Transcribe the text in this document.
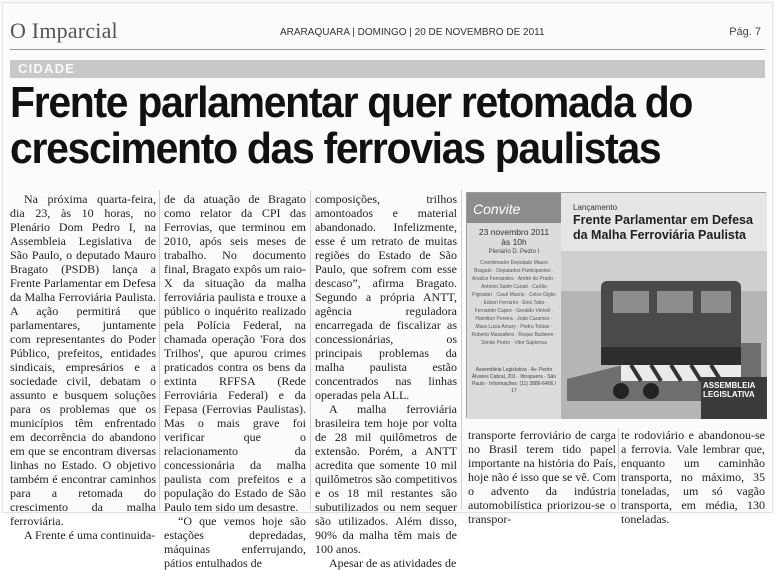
O Imparcial	ARARAQUARA | DOMINGO | 20 DE NOVEMBRO DE 2011	Pág. 7
CIDADE
Frente parlamentar quer retomada do
crescimento das ferrovias paulistas

Na próxima quarta-feira, dia 23, às 10 horas, no Plenário Dom Pedro I, na Assembleia Legislativa de São Paulo, o deputado Mauro Bragato (PSDB) lança a Frente Parlamentar em Defesa da Malha Ferroviária Paulista. A ação permitirá que parlamentares, juntamente com representantes do Poder Público, prefeitos, entidades sindicais, empresários e a sociedade civil, debatam o assunto e busquem soluções para os problemas que os municípios têm enfrentado em decorrência do abandono em que se encontram diversas linhas no Estado. O objetivo também é encontrar caminhos para a retomada do crescimento da malha ferroviária.

A Frente é uma continuida-

de da atuação de Bragato como relator da CPI das Ferrovias, que terminou em 2010, após seis meses de trabalho. No documento final, Bragato expôs um raio-X da situação da malha ferroviária paulista e trouxe a público o inquérito realizado pela Polícia Federal, na chamada operação 'Fora dos Trilhos', que apurou crimes praticados contra os bens da extinta RFFSA (Rede Ferroviária Federal) e da Fepasa (Ferrovias Paulistas). Mas o mais grave foi verificar que o relacionamento da concessionária da malha paulista com prefeitos e a população do Estado de São Paulo tem sido um desastre.

“O que vemos hoje são estações depredadas, máquinas enferrujando, pátios entulhados de

composições, trilhos amontoados e material abandonado. Infelizmente, esse é um retrato de muitas regiões do Estado de São Paulo, que sofrem com esse descaso”, afirma Bragato. Segundo a própria ANTT, agência reguladora encarregada de fiscalizar as concessionárias, os principais problemas da malha paulista estão concentrados nas linhas operadas pela ALL.

A malha ferroviária brasileira tem hoje por volta de 28 mil quilômetros de extensão. Porém, a ANTT acredita que somente 10 mil quilômetros são competitivos e os 18 mil restantes são subutilizados ou nem sequer são utilizados. Além disso, 90% da malha têm mais de 100 anos.

Apesar de as atividades de

transporte ferroviário de carga no Brasil terem tido papel importante na história do País, hoje não é isso que se vê. Com o advento da indústria automobilística priorizou-se o transpor-

te rodoviário e abandonou-se a ferrovia. Vale lembrar que, enquanto um caminhão transporta, no máximo, 35 toneladas, um só vagão transporta, em média, 130 toneladas.

Convite
23 novembro 2011
às 10h
Plenário D. Pedro I
Coordenador Deputado Mauro Bragato · Deputados Participantes · Analice Fernandes · André do Prado · Antonio Salim Curiati · Carlão Pignatari · Cauê Macris · Celso Giglio · Edson Ferrarini · Enio Tatto · Fernando Capez · Geraldo Vinholi · Hamilton Pereira · João Caramez · Mara Lucia Amary · Pedro Tobias · Roberto Massafera · Roque Barbiere · Simão Pedro · Vitor Sapienza
Assembleia Legislativa · Av. Pedro Álvares Cabral, 201 · Ibirapuera - São Paulo · Informações: (11) 3886-6406 / 17
Lançamento
Frente Parlamentar em Defesa da Malha Ferroviária Paulista
ASSEMBLEIA
LEGISLATIVA
